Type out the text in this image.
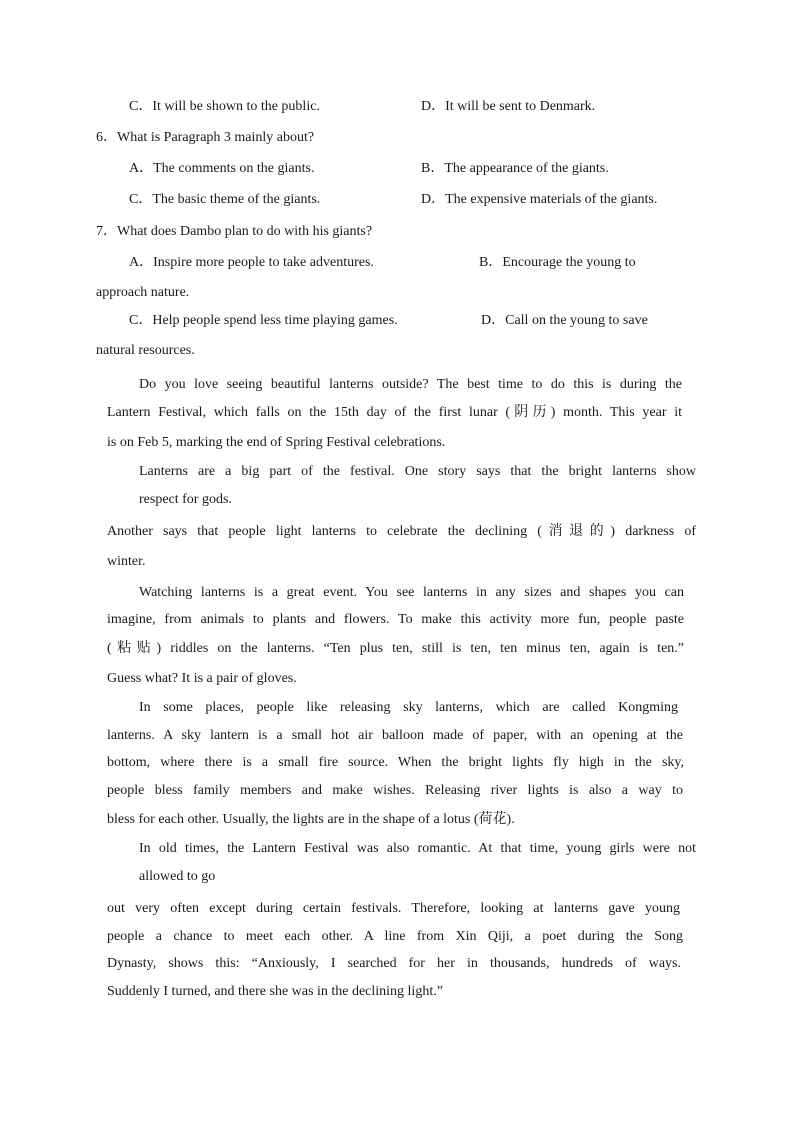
C．It will be shown to the public.	D．It will be sent to Denmark.
6．What is Paragraph 3 mainly about?
A．The comments on the giants.	B．The appearance of the giants.
C．The basic theme of the giants.	D．The expensive materials of the giants.
7．What does Dambo plan to do with his giants?
A．Inspire more people to take adventures.	B．Encourage the young to
approach nature.
C．Help people spend less time playing games.	D．Call on the young to save
natural resources.
Do you love seeing beautiful lanterns outside? The best time to do this is during the
Lantern Festival, which falls on the 15th day of the first lunar (阴历) month. This year it
is on Feb 5, marking the end of Spring Festival celebrations.
Lanterns are a big part of the festival. One story says that the bright lanterns show
respect for gods.
Another says that people light lanterns to celebrate the declining (消退的) darkness of
winter.
Watching lanterns is a great event. You see lanterns in any sizes and shapes you can
imagine, from animals to plants and flowers. To make this activity more fun, people paste
(粘贴) riddles on the lanterns. “Ten plus ten, still is ten, ten minus ten, again is ten.”
Guess what? It is a pair of gloves.
In some places, people like releasing sky lanterns, which are called Kongming
lanterns. A sky lantern is a small hot air balloon made of paper, with an opening at the
bottom, where there is a small fire source. When the bright lights fly high in the sky,
people bless family members and make wishes. Releasing river lights is also a way to
bless for each other. Usually, the lights are in the shape of a lotus (荷花).
In old times, the Lantern Festival was also romantic. At that time, young girls were not
allowed to go
out very often except during certain festivals. Therefore, looking at lanterns gave young
people a chance to meet each other. A line from Xin Qiji, a poet during the Song
Dynasty, shows this: “Anxiously, I searched for her in thousands, hundreds of ways.
Suddenly I turned, and there she was in the declining light.”
